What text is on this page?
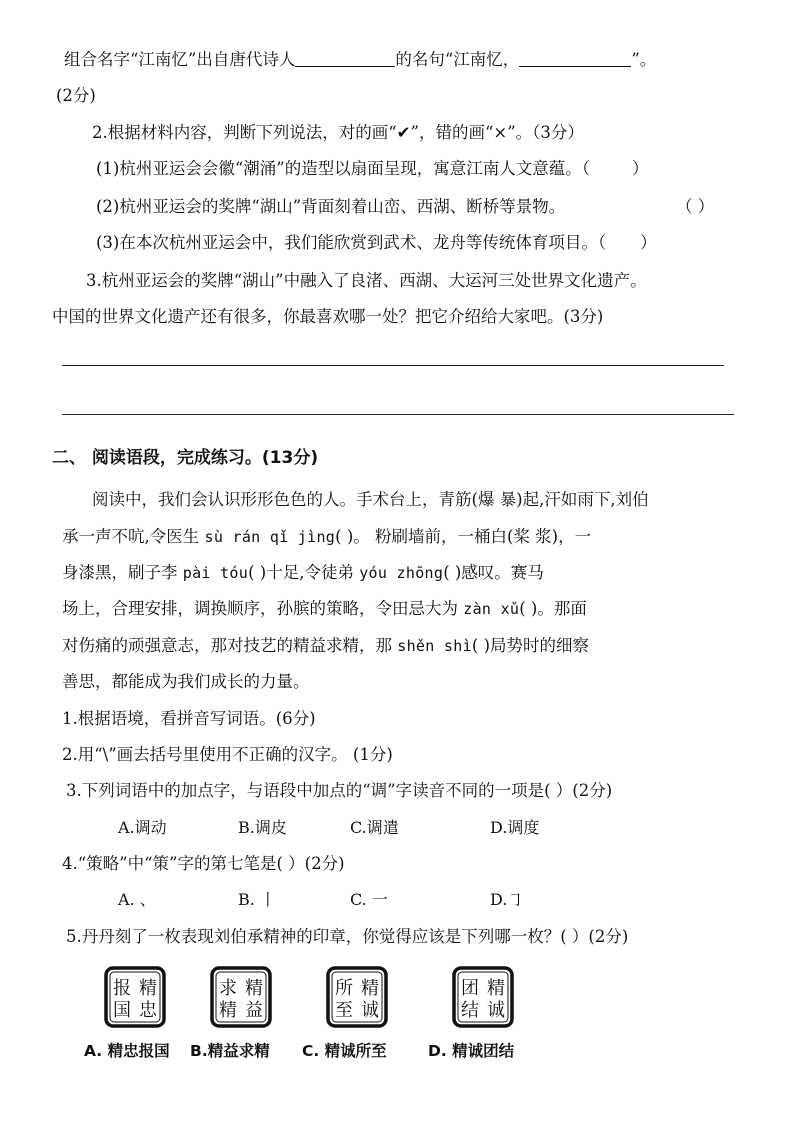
组合名字“江南忆”出自唐代诗人	的名句“江南忆，	”。
(2分)
2.根据材料内容，判断下列说法，对的画“✔”，错的画“×”。（3分）
(1)杭州亚运会会徽“潮涌”的造型以扇面呈现，寓意江南人文意蕴。（	）
(2)杭州亚运会的奖牌“湖山”背面刻着山峦、西湖、断桥等景物。	（ ）
(3)在本次杭州亚运会中，我们能欣赏到武术、龙舟等传统体育项目。（ ）
3.杭州亚运会的奖牌“湖山”中融入了良渚、西湖、大运河三处世界文化遗产。
中国的世界文化遗产还有很多，你最喜欢哪一处？把它介绍给大家吧。(3分)
二、 阅读语段，完成练习。(13分)
阅读中，我们会认识形形色色的人。手术台上，青筋(爆 暴)起,汗如雨下,刘伯
承一声不吭,令医生 sù rán qǐ jìng( )。 粉刷墙前，一桶白(桨 浆)，一
身漆黑，刷子李 pài tóu( )十足,令徒弟 yóu zhōng( )感叹。赛马
场上，合理安排，调换顺序，孙膑的策略，令田忌大为 zàn xǔ( )。那面
对伤痛的顽强意志，那对技艺的精益求精，那 shěn shì( )局势时的细察
善思，都能成为我们成长的力量。
1.根据语境，看拼音写词语。(6分)
2.用“\”画去括号里使用不正确的汉字。 (1分)
3.下列词语中的加点字，与语段中加点的“调”字读音不同的一项是( ）(2分)
A.调动	B.调皮	C.调遣	D.调度
4.“策略”中“策”字的第七笔是( ）(2分)
A. 、	B. 丨	C. 一	D.㇆
5.丹丹刻了一枚表现刘伯承精神的印章，你觉得应该是下列哪一枚？( ）(2分)
报 精
国 忠
求 精
精 益
所 精
至 诚
团 精
结 诚
A. 精忠报国 B.精益求精 C. 精诚所至	D. 精诚团结
